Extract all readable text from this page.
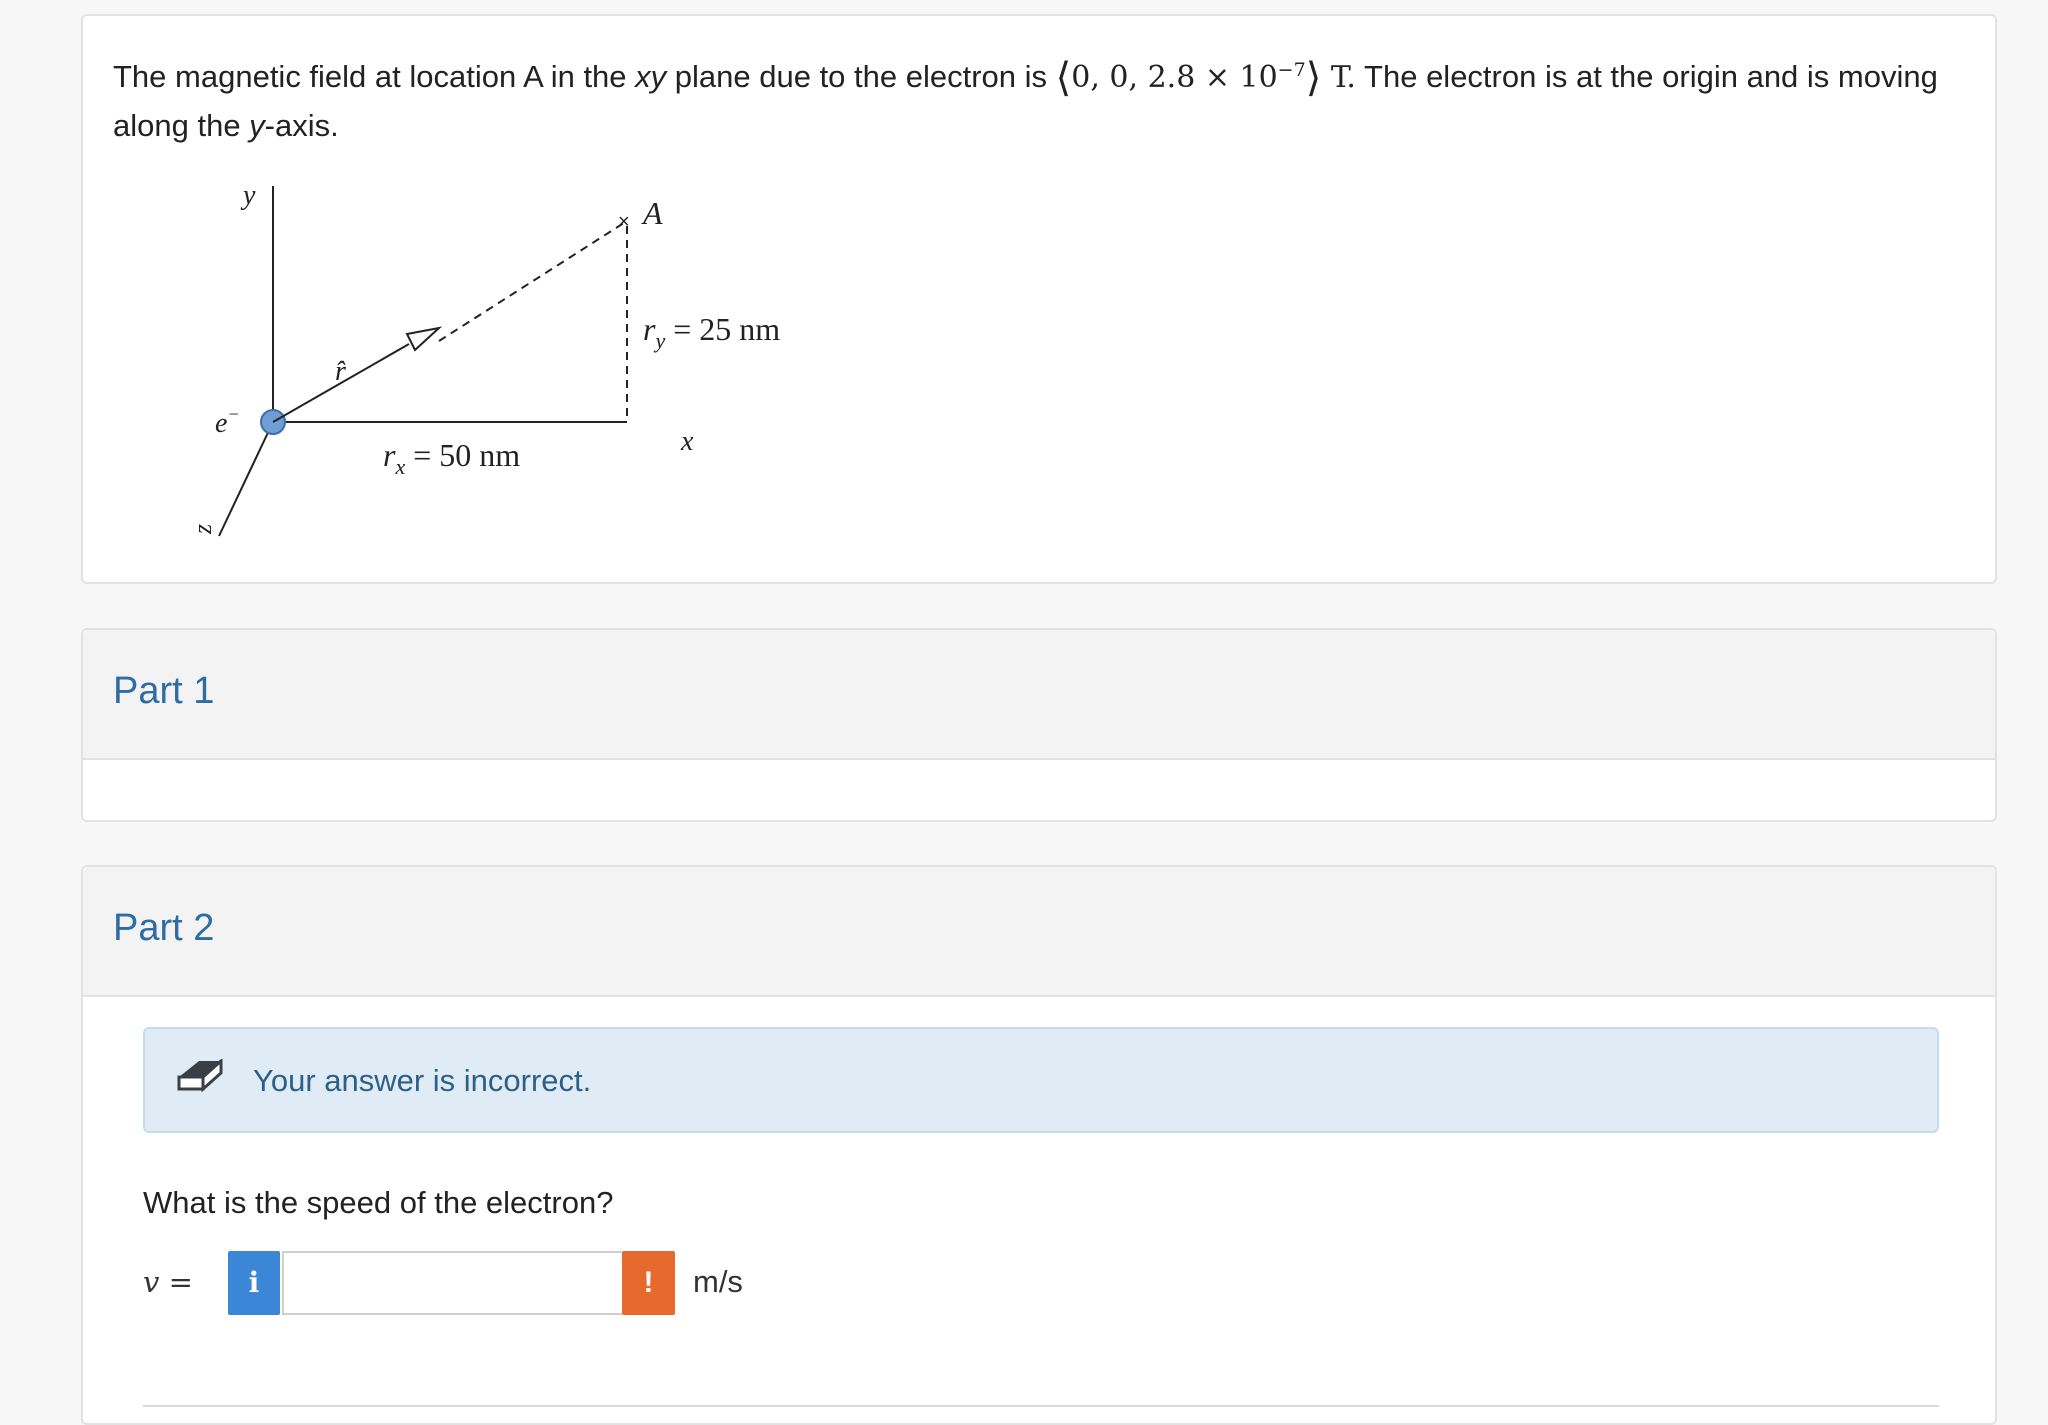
The magnetic field at location A in the xy plane due to the electron is ⟨0, 0, $2.8 \times 10^{-7}⟩$ T. The electron is at the origin and is moving along the y-axis.
y
x
z
e−
r̂
× A
$r_x = 50$ nm
$r_y = 25$ nm
Part 1
Part 2
Your answer is incorrect.
What is the speed of the electron?
v =	i	!	m/s
